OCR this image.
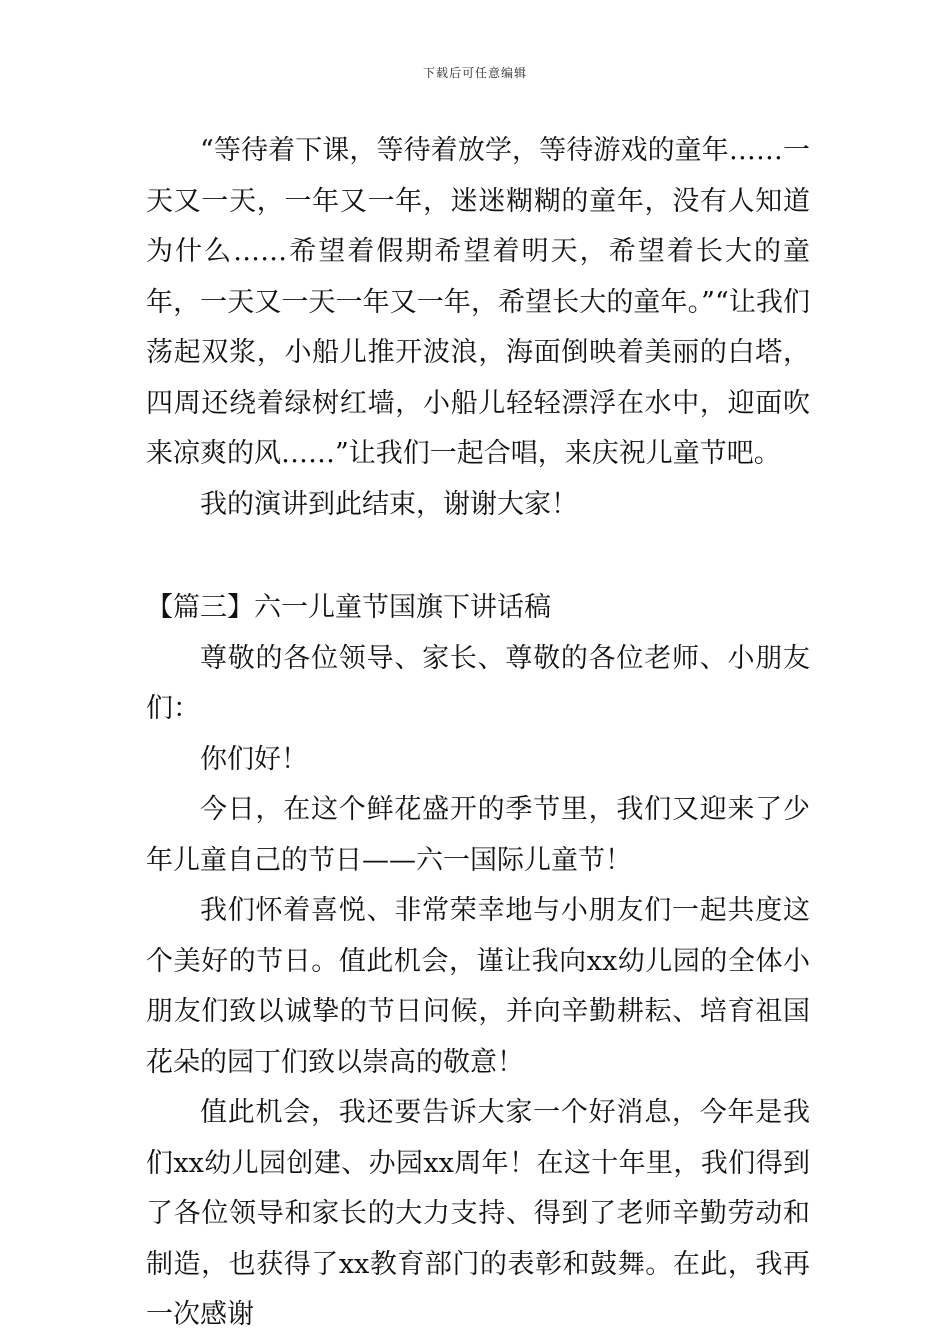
下载后可任意编辑

“等待着下课，等待着放学，等待游戏的童年……一天又一天，一年又一年，迷迷糊糊的童年，没有人知道为什么……希望着假期希望着明天，希望着长大的童年，一天又一天一年又一年，希望长大的童年。”“让我们荡起双浆，小船儿推开波浪，海面倒映着美丽的白塔，四周还绕着绿树红墙，小船儿轻轻漂浮在水中，迎面吹来凉爽的风……”让我们一起合唱，来庆祝儿童节吧。

我的演讲到此结束，谢谢大家！

【篇三】六一儿童节国旗下讲话稿

尊敬的各位领导、家长、尊敬的各位老师、小朋友们：

你们好！

今日，在这个鲜花盛开的季节里，我们又迎来了少年儿童自己的节日——六一国际儿童节！

我们怀着喜悦、非常荣幸地与小朋友们一起共度这个美好的节日。值此机会，谨让我向xx幼儿园的全体小朋友们致以诚挚的节日问候，并向辛勤耕耘、培育祖国花朵的园丁们致以崇高的敬意！

值此机会，我还要告诉大家一个好消息，今年是我们xx幼儿园创建、办园xx周年！在这十年里，我们得到了各位领导和家长的大力支持、得到了老师辛勤劳动和制造，也获得了xx教育部门的表彰和鼓舞。在此，我再一次感谢
